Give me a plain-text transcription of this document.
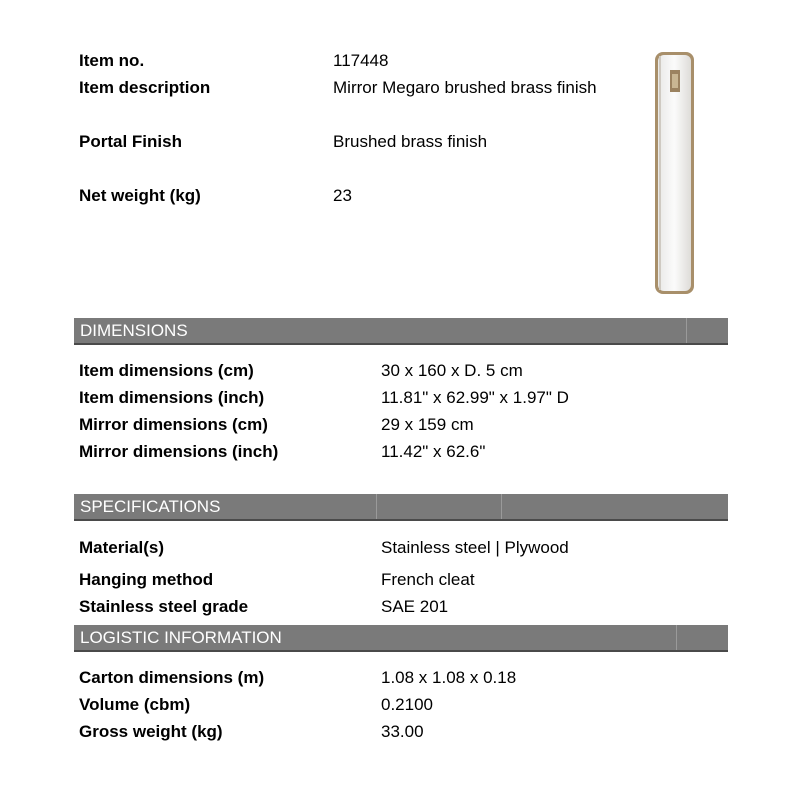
Item no.	117448
Item description	Mirror Megaro brushed brass finish
Portal Finish	Brushed brass finish
Net weight (kg)	23
DIMENSIONS
Item dimensions (cm)	30 x 160 x D. 5 cm
Item dimensions (inch)	11.81" x 62.99" x 1.97" D
Mirror dimensions (cm)	29 x 159 cm
Mirror dimensions (inch)	11.42" x 62.6"
SPECIFICATIONS
Material(s)	Stainless steel | Plywood
Hanging method	French cleat
Stainless steel grade	SAE 201
LOGISTIC INFORMATION
Carton dimensions (m)	1.08 x 1.08 x 0.18
Volume (cbm)	0.2100
Gross weight (kg)	33.00
